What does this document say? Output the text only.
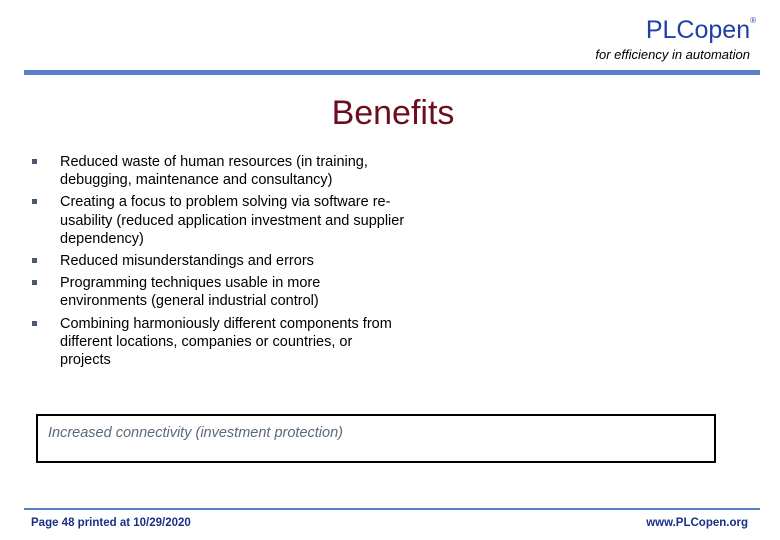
PLCopen®
for efficiency in automation
Benefits
Reduced waste of human resources (in training, debugging, maintenance and consultancy)
Creating a focus to problem solving via software re-usability (reduced application investment and supplier dependency)
Reduced misunderstandings and errors
Programming techniques usable in more environments (general industrial control)
Combining harmoniously different components from different locations, companies or countries, or projects
Increased connectivity (investment protection)
Page 48 printed at 10/29/2020	www.PLCopen.org
